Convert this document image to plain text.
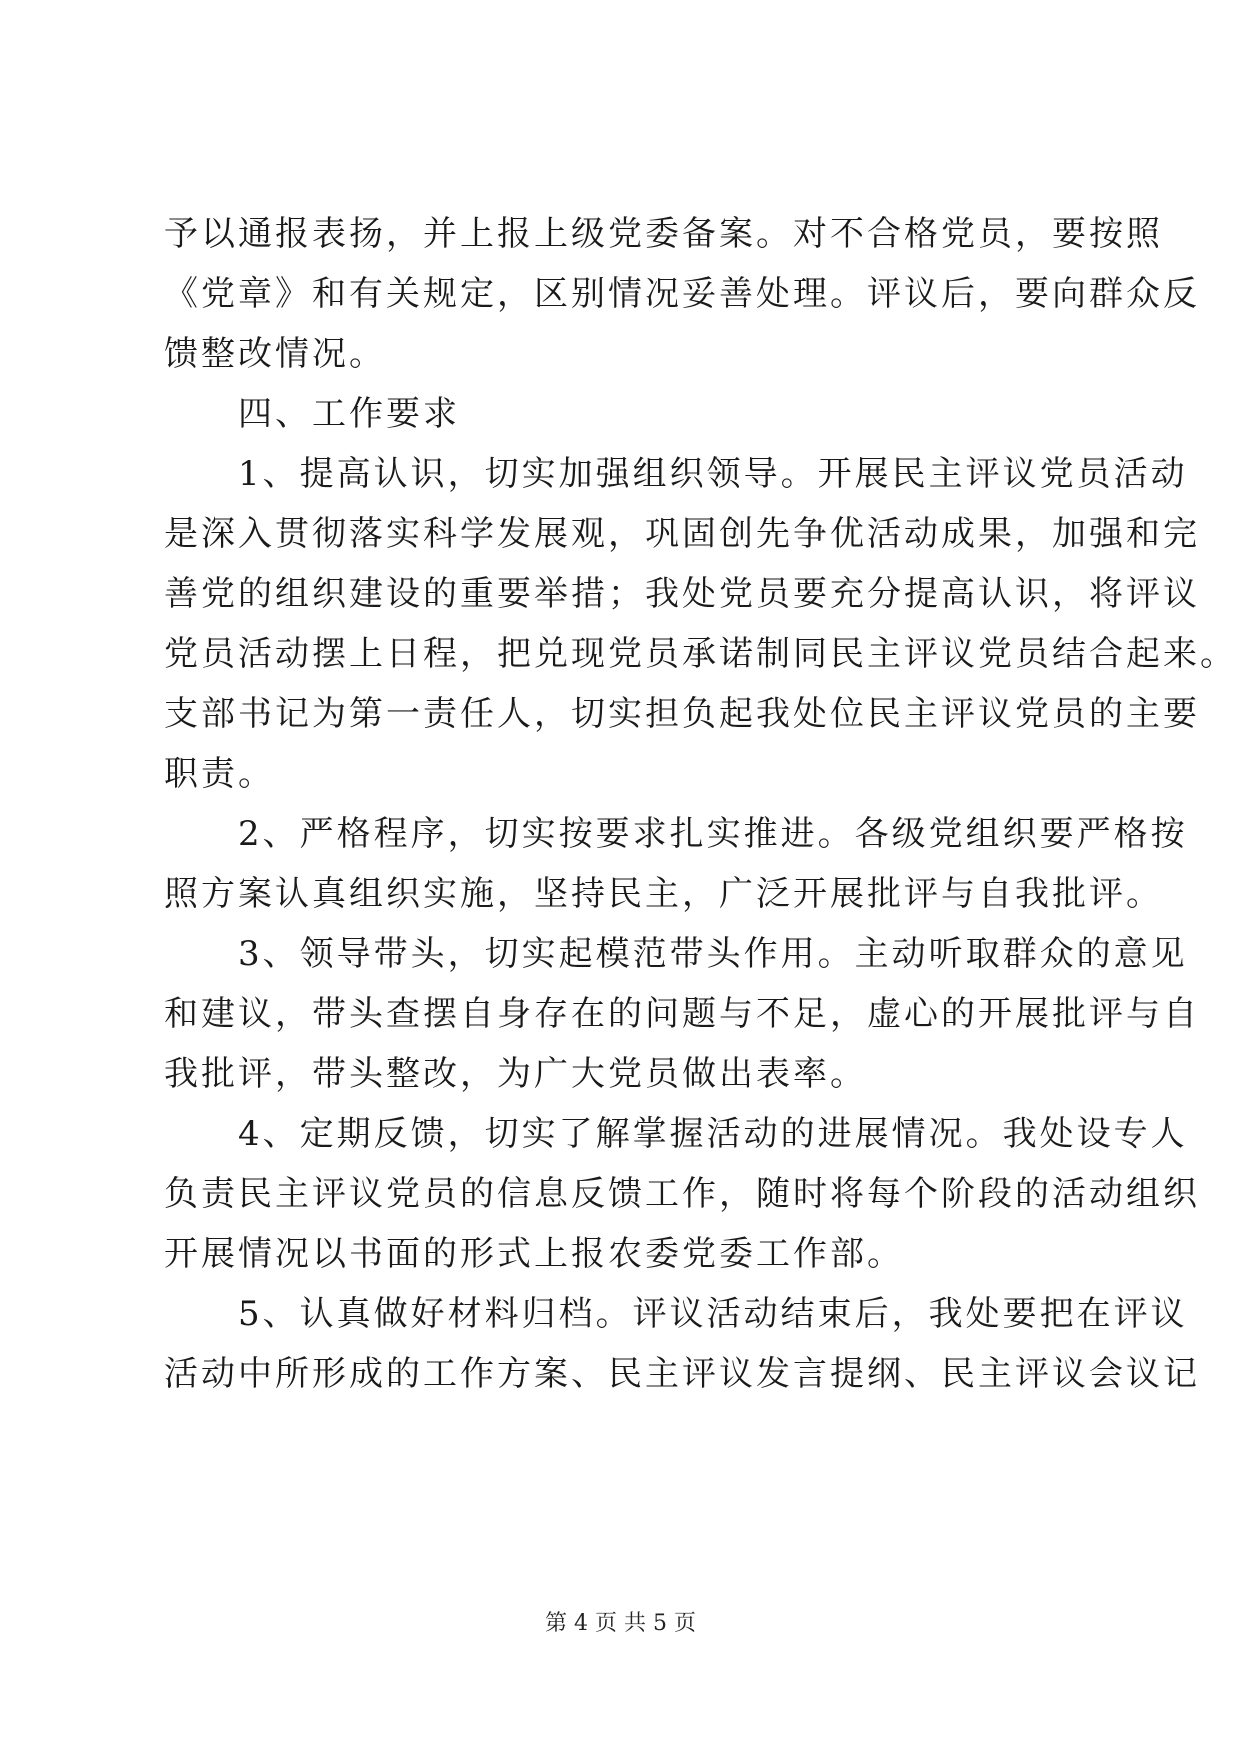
予以通报表扬，并上报上级党委备案。对不合格党员，要按照
《党章》和有关规定，区别情况妥善处理。评议后，要向群众反
馈整改情况。
　　四、工作要求
　　1、提高认识，切实加强组织领导。开展民主评议党员活动
是深入贯彻落实科学发展观，巩固创先争优活动成果，加强和完
善党的组织建设的重要举措；我处党员要充分提高认识，将评议
党员活动摆上日程，把兑现党员承诺制同民主评议党员结合起来。
支部书记为第一责任人，切实担负起我处位民主评议党员的主要
职责。
　　2、严格程序，切实按要求扎实推进。各级党组织要严格按
照方案认真组织实施，坚持民主，广泛开展批评与自我批评。
　　3、领导带头，切实起模范带头作用。主动听取群众的意见
和建议，带头查摆自身存在的问题与不足，虚心的开展批评与自
我批评，带头整改，为广大党员做出表率。
　　4、定期反馈，切实了解掌握活动的进展情况。我处设专人
负责民主评议党员的信息反馈工作，随时将每个阶段的活动组织
开展情况以书面的形式上报农委党委工作部。
　　5、认真做好材料归档。评议活动结束后，我处要把在评议
活动中所形成的工作方案、民主评议发言提纲、民主评议会议记
第 4 页 共 5 页
